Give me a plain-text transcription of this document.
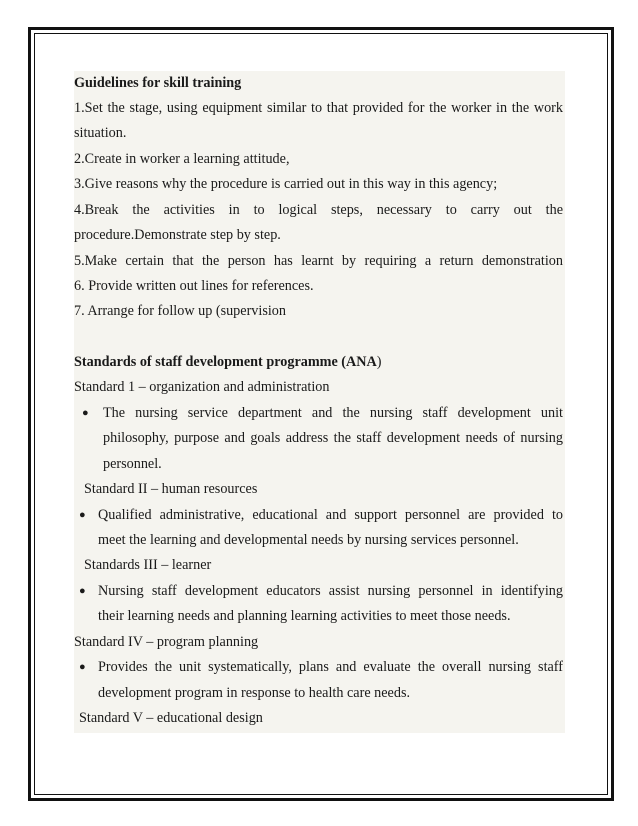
Guidelines for skill training
1.Set the stage, using equipment similar to that provided for the worker in the work
situation.
2.Create in worker a learning attitude,
3.Give reasons why the procedure is carried out in this way in this agency;
4.Break the activities in to logical steps, necessary to carry out the
procedure.Demonstrate step by step.
5.Make certain that the person has learnt by requiring a return demonstration
6. Provide written out lines for references.
7. Arrange for follow up (supervision
Standards of staff development programme (ANA)
Standard 1 – organization and administration
● The nursing service department and the nursing staff development unit
philosophy, purpose and goals address the staff development needs of nursing
personnel.
Standard II – human resources
● Qualified administrative, educational and support personnel are provided to
meet the learning and developmental needs by nursing services personnel.
Standards III – learner
● Nursing staff development educators assist nursing personnel in identifying
their learning needs and planning learning activities to meet those needs.
Standard IV – program planning
● Provides the unit systematically, plans and evaluate the overall nursing staff
development program in response to health care needs.
Standard V – educational design
